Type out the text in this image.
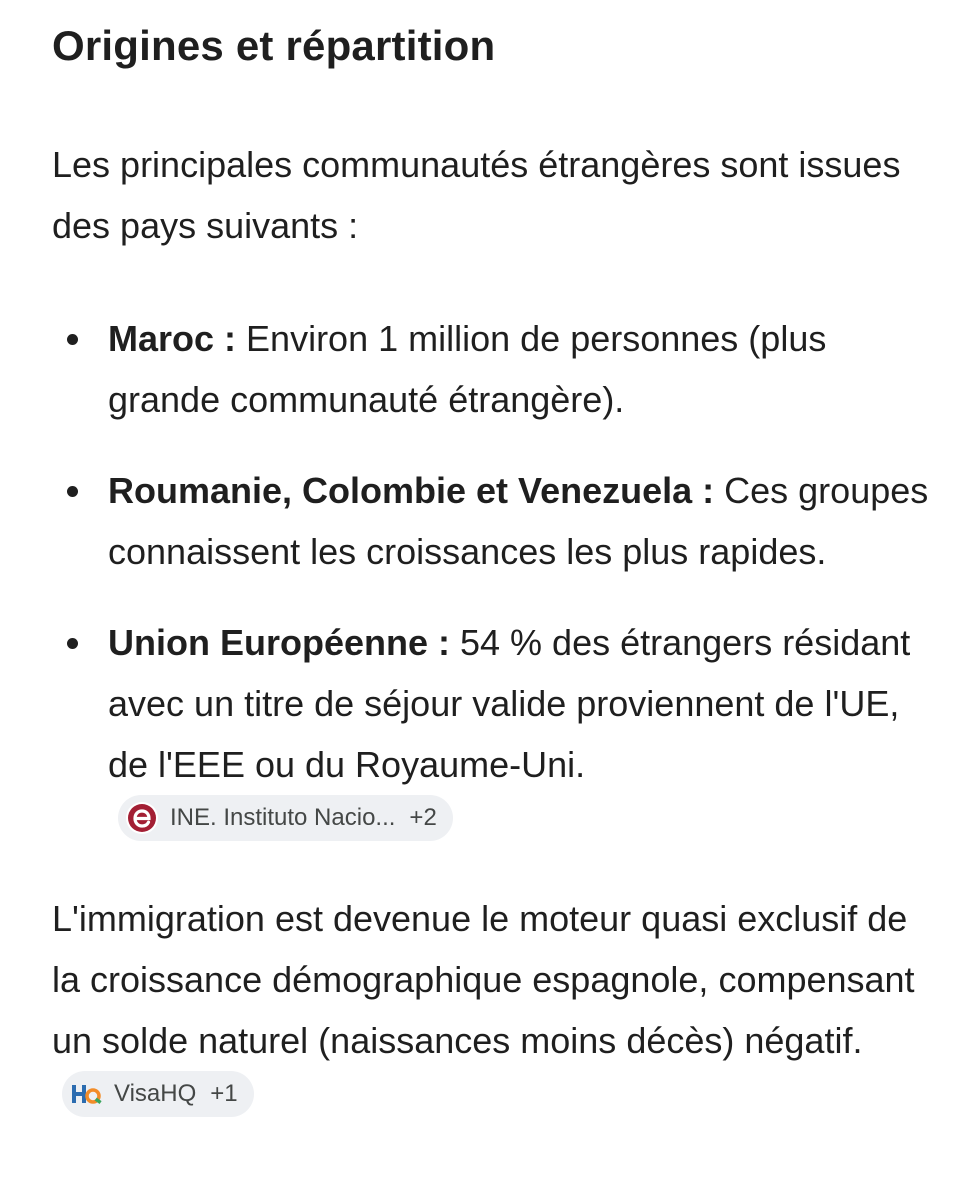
Origines et répartition

Les principales communautés étrangères sont issues des pays suivants :

Maroc : Environ 1 million de personnes (plus grande communauté étrangère).
Roumanie, Colombie et Venezuela : Ces groupes connaissent les croissances les plus rapides.
Union Européenne : 54 % des étrangers résidant avec un titre de séjour valide proviennent de l'UE, de l'EEE ou du Royaume-Uni.
INE. Instituto Nacio... +2

L'immigration est devenue le moteur quasi exclusif de la croissance démographique espagnole, compensant un solde naturel (naissances moins décès) négatif.
VisaHQ +1
